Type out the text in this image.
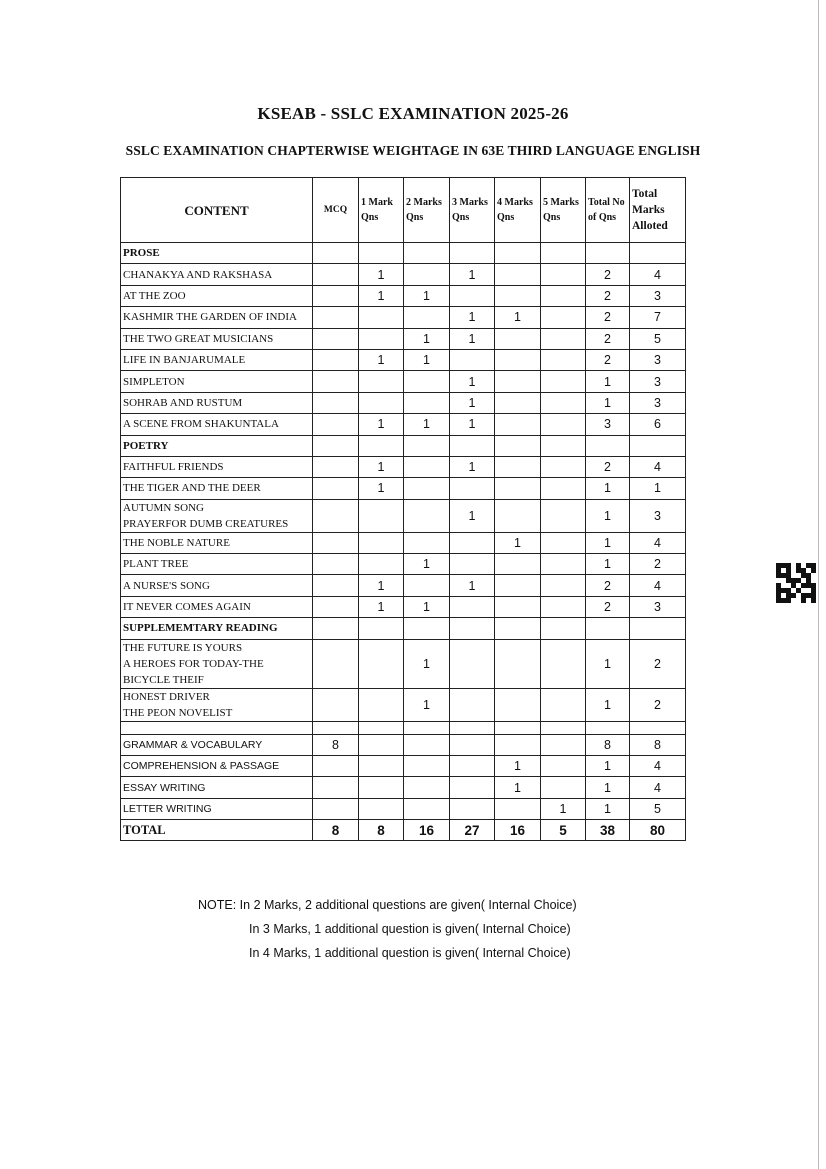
KSEAB - SSLC EXAMINATION 2025-26
SSLC EXAMINATION CHAPTERWISE WEIGHTAGE IN 63E THIRD LANGUAGE ENGLISH
CONTENT	MCQ	1 Mark Qns	2 Marks Qns	3 Marks Qns	4 Marks Qns	5 Marks Qns	Total No of Qns	Total Marks Alloted
PROSE								
CHANAKYA AND RAKSHASA		1		1			2	4
AT THE ZOO		1	1				2	3
KASHMIR THE GARDEN OF INDIA				1	1		2	7
THE TWO GREAT MUSICIANS			1	1			2	5
LIFE IN BANJARUMALE		1	1				2	3
SIMPLETON				1			1	3
SOHRAB AND RUSTUM				1			1	3
A SCENE FROM SHAKUNTALA		1	1	1			3	6
POETRY								
FAITHFUL FRIENDS		1		1			2	4
THE TIGER AND THE DEER		1					1	1
AUTUMN SONG
PRAYERFOR DUMB CREATURES				1			1	3
THE NOBLE NATURE					1		1	4
PLANT TREE			1				1	2
A NURSE'S SONG		1		1			2	4
IT NEVER COMES AGAIN		1	1				2	3
SUPPLEMEMTARY READING								
THE FUTURE IS YOURS
A HEROES FOR TODAY-THE
BICYCLE THEIF			1				1	2
HONEST DRIVER
THE PEON NOVELIST			1				1	2

GRAMMAR & VOCABULARY	8						8	8
COMPREHENSION & PASSAGE					1		1	4
ESSAY WRITING					1		1	4
LETTER WRITING						1	1	5
TOTAL	8	8	16	27	16	5	38	80
NOTE: In 2 Marks, 2 additional questions are given( Internal Choice)
In 3 Marks, 1 additional question is given( Internal Choice)
In 4 Marks, 1 additional question is given( Internal Choice)
